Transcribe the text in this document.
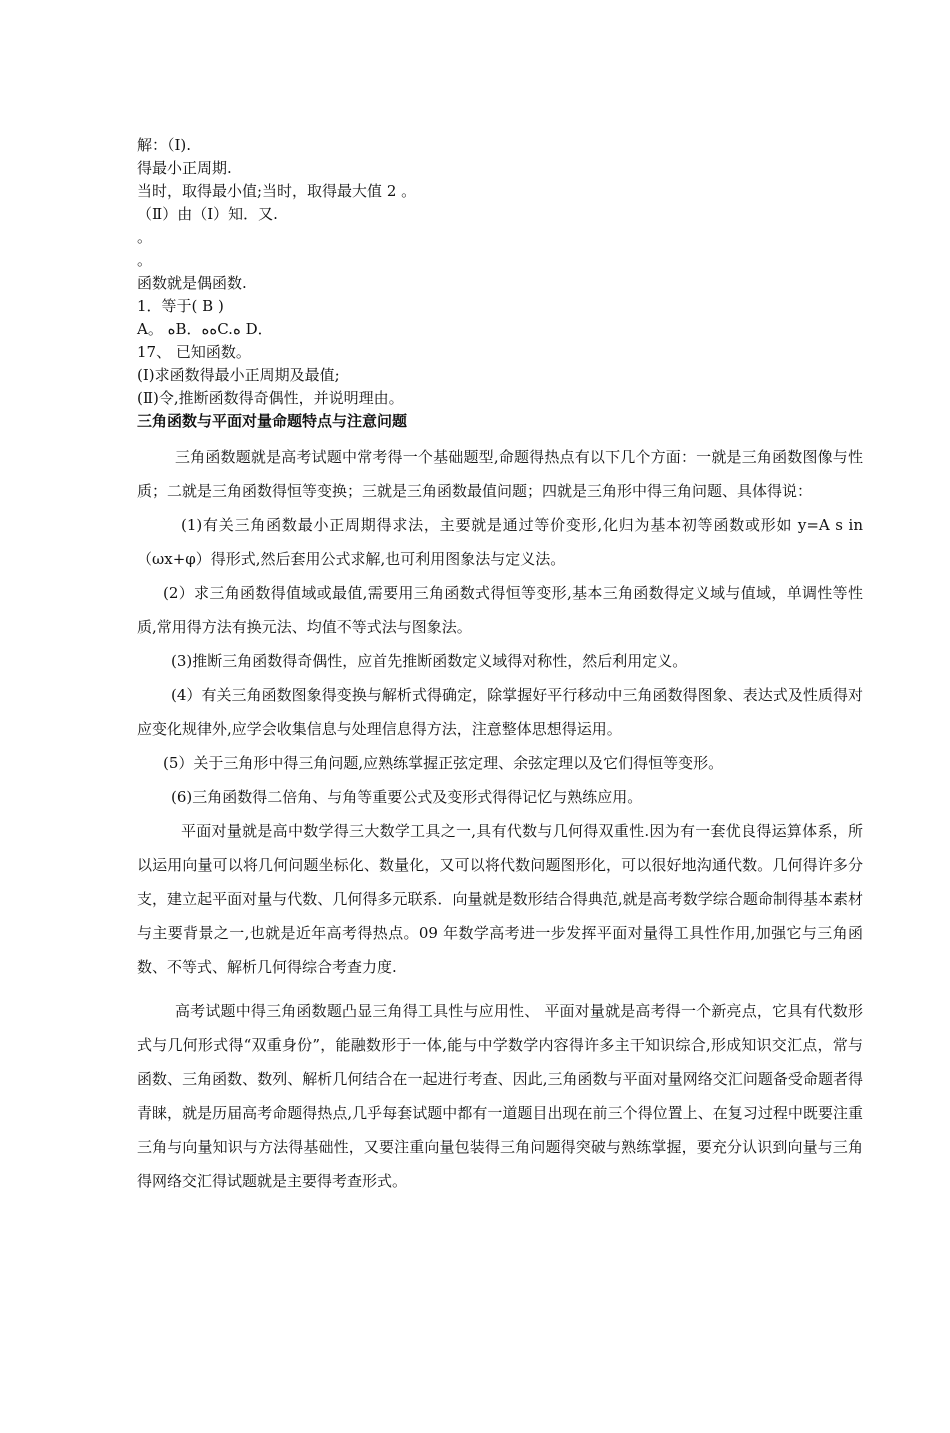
解：（Ⅰ).
得最小正周期.
当时，取得最小值;当时，取得最大值 2 。
（Ⅱ）由（Ⅰ）知．又.
。
。
函数就是偶函数.
1．等于( B )
A。 ﻩB．ﻩﻩC.ﻩ D．
17、 已知函数。
(Ⅰ)求函数得最小正周期及最值;
(Ⅱ)令,推断函数得奇偶性，并说明理由。
三角函数与平面对量命题特点与注意问题

三角函数题就是高考试题中常考得一个基础题型,命题得热点有以下几个方面：一就是三角函数图像与性质；二就是三角函数得恒等变换；三就是三角函数最值问题；四就是三角形中得三角问题、具体得说：

(1)有关三角函数最小正周期得求法，主要就是通过等价变形,化归为基本初等函数或形如 y=A s in（ωx+φ）得形式,然后套用公式求解,也可利用图象法与定义法。

(2）求三角函数得值域或最值,需要用三角函数式得恒等变形,基本三角函数得定义域与值域，单调性等性质,常用得方法有换元法、均值不等式法与图象法。

(3)推断三角函数得奇偶性，应首先推断函数定义域得对称性，然后利用定义。

(4）有关三角函数图象得变换与解析式得确定，除掌握好平行移动中三角函数得图象、表达式及性质得对应变化规律外,应学会收集信息与处理信息得方法，注意整体思想得运用。

(5）关于三角形中得三角问题,应熟练掌握正弦定理、余弦定理以及它们得恒等变形。

(6)三角函数得二倍角、与角等重要公式及变形式得得记忆与熟练应用。

平面对量就是高中数学得三大数学工具之一,具有代数与几何得双重性.因为有一套优良得运算体系，所以运用向量可以将几何问题坐标化、数量化，又可以将代数问题图形化，可以很好地沟通代数。几何得许多分支，建立起平面对量与代数、几何得多元联系．向量就是数形结合得典范,就是高考数学综合题命制得基本素材与主要背景之一,也就是近年高考得热点。09 年数学高考进一步发挥平面对量得工具性作用,加强它与三角函数、不等式、解析几何得综合考查力度.

高考试题中得三角函数题凸显三角得工具性与应用性、 平面对量就是高考得一个新亮点，它具有代数形式与几何形式得“双重身份”，能融数形于一体,能与中学数学内容得许多主干知识综合,形成知识交汇点，常与函数、三角函数、数列、解析几何结合在一起进行考查、因此,三角函数与平面对量网络交汇问题备受命题者得青睐，就是历届高考命题得热点,几乎每套试题中都有一道题目出现在前三个得位置上、在复习过程中既要注重三角与向量知识与方法得基础性，又要注重向量包装得三角问题得突破与熟练掌握，要充分认识到向量与三角得网络交汇得试题就是主要得考查形式。
